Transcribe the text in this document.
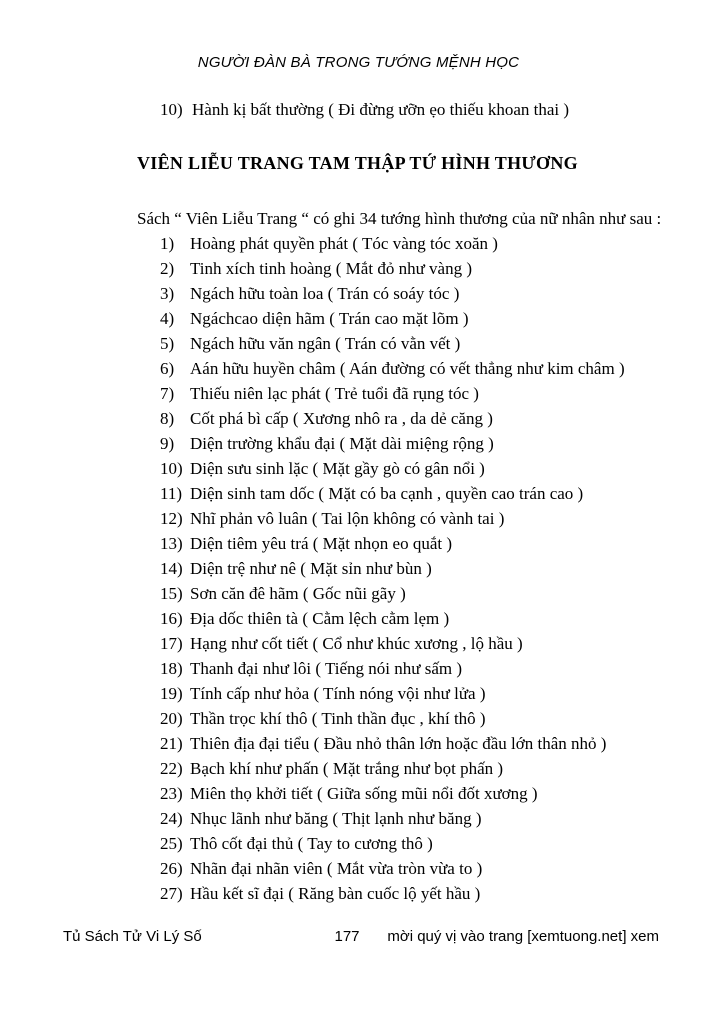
NGƯỜI ĐÀN BÀ TRONG TƯỚNG MỆNH HỌC
10) Hành kị bất thường ( Đi đừng ưỡn ẹo thiếu khoan thai )
VIÊN LIỄU TRANG TAM THẬP TỨ HÌNH THƯƠNG
Sách “ Viên Liễu Trang “ có ghi 34 tướng hình thương của nữ nhân như sau :
1) Hoàng phát quyền phát ( Tóc vàng tóc xoăn )
2) Tinh xích tinh hoàng ( Mắt đỏ như vàng )
3) Ngách hữu toàn loa ( Trán có soáy tóc )
4) Ngáchcao diện hãm ( Trán cao mặt lõm )
5) Ngách hữu văn ngân ( Trán có vằn vết )
6) Aán hữu huyền châm ( Aán đường có vết thẳng như kim châm )
7) Thiếu niên lạc phát ( Trẻ tuổi đã rụng tóc )
8) Cốt phá bì cấp ( Xương nhô ra , da dẻ căng )
9) Diện trường khẩu đại ( Mặt dài miệng rộng )
10) Diện sưu sinh lặc ( Mặt gầy gò có gân nổi )
11) Diện sinh tam dốc ( Mặt có ba cạnh , quyền cao trán cao )
12) Nhĩ phản vô luân ( Tai lộn không có vành tai )
13) Diện tiêm yêu trá ( Mặt nhọn eo quắt )
14) Diện trệ như nê ( Mặt sỉn như bùn )
15) Sơn căn đê hãm ( Gốc nũi gãy )
16) Địa dốc thiên tà ( Cằm lệch cằm lẹm )
17) Hạng như cốt tiết ( Cổ như khúc xương , lộ hầu )
18) Thanh đại như lôi ( Tiếng nói như sấm )
19) Tính cấp như hỏa ( Tính nóng vội như lửa )
20) Thần trọc khí thô ( Tinh thần đục , khí thô )
21) Thiên địa đại tiểu ( Đầu nhỏ thân lớn hoặc đầu lớn thân nhỏ )
22) Bạch khí như phấn ( Mặt trắng như bọt phấn )
23) Miên thọ khởi tiết ( Giữa sống mũi nổi đốt xương )
24) Nhục lãnh như băng ( Thịt lạnh như băng )
25) Thô cốt đại thủ ( Tay to cương thô )
26) Nhãn đại nhãn viên ( Mắt vừa tròn vừa to )
27) Hầu kết sĩ đại ( Răng bàn cuốc lộ yết hầu )
Tủ Sách Tử Vi Lý Số	177	mời quý vị vào trang [xemtuong.net] xem
